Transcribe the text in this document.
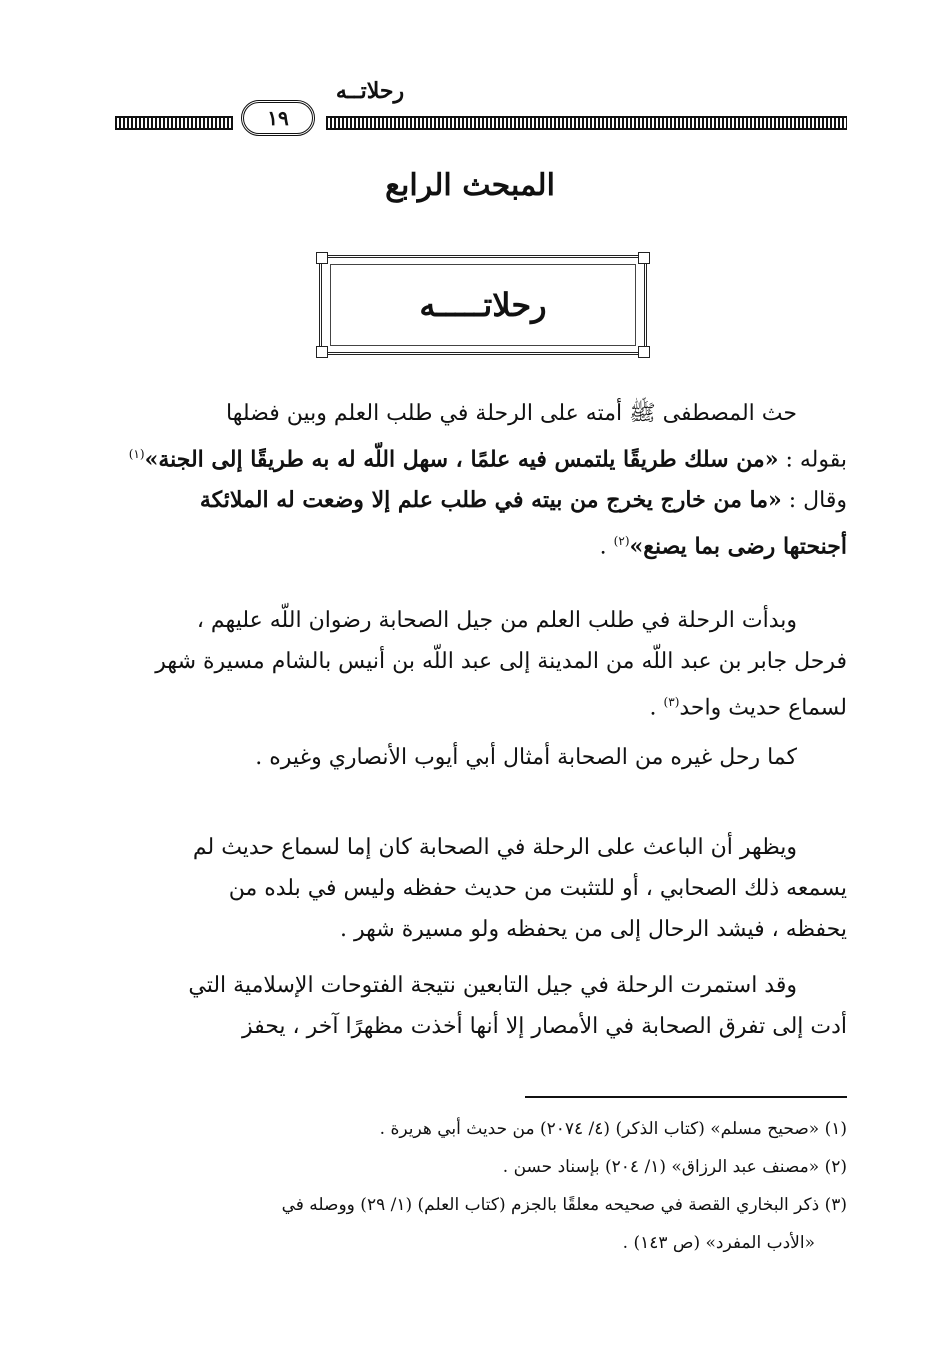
رحلاتــه
١٩
المبحث الرابع
رحلاتـــــه
حث المصطفى ﷺ أمته على الرحلة في طلب العلم وبين فضلها
بقوله : «من سلك طريقًا يلتمس فيه علمًا ، سهل اللّه له به طريقًا إلى الجنة»$^{(١)}$
وقال : «ما من خارج يخرج من بيته في طلب علم إلا وضعت له الملائكة
أجنحتها رضى بما يصنع»$^{(٢)}$ .
وبدأت الرحلة في طلب العلم من جيل الصحابة رضوان اللّه عليهم ،
فرحل جابر بن عبد اللّه من المدينة إلى عبد اللّه بن أنيس بالشام مسيرة شهر
لسماع حديث واحد$^{(٣)}$ .
كما رحل غيره من الصحابة أمثال أبي أيوب الأنصاري وغيره .
ويظهر أن الباعث على الرحلة في الصحابة كان إما لسماع حديث لم
يسمعه ذلك الصحابي ، أو للتثبت من حديث حفظه وليس في بلده من
يحفظه ، فيشد الرحال إلى من يحفظه ولو مسيرة شهر .
وقد استمرت الرحلة في جيل التابعين نتيجة الفتوحات الإسلامية التي
أدت إلى تفرق الصحابة في الأمصار إلا أنها أخذت مظهرًا آخر ، يحفز
(١) «صحيح مسلم» (كتاب الذكر) (٤/ ٢٠٧٤) من حديث أبي هريرة .
(٢) «مصنف عبد الرزاق» (١/ ٢٠٤) بإسناد حسن .
(٣) ذكر البخاري القصة في صحيحه معلقًا بالجزم (كتاب العلم) (١/ ٢٩) ووصله في
«الأدب المفرد» (ص ١٤٣) .
